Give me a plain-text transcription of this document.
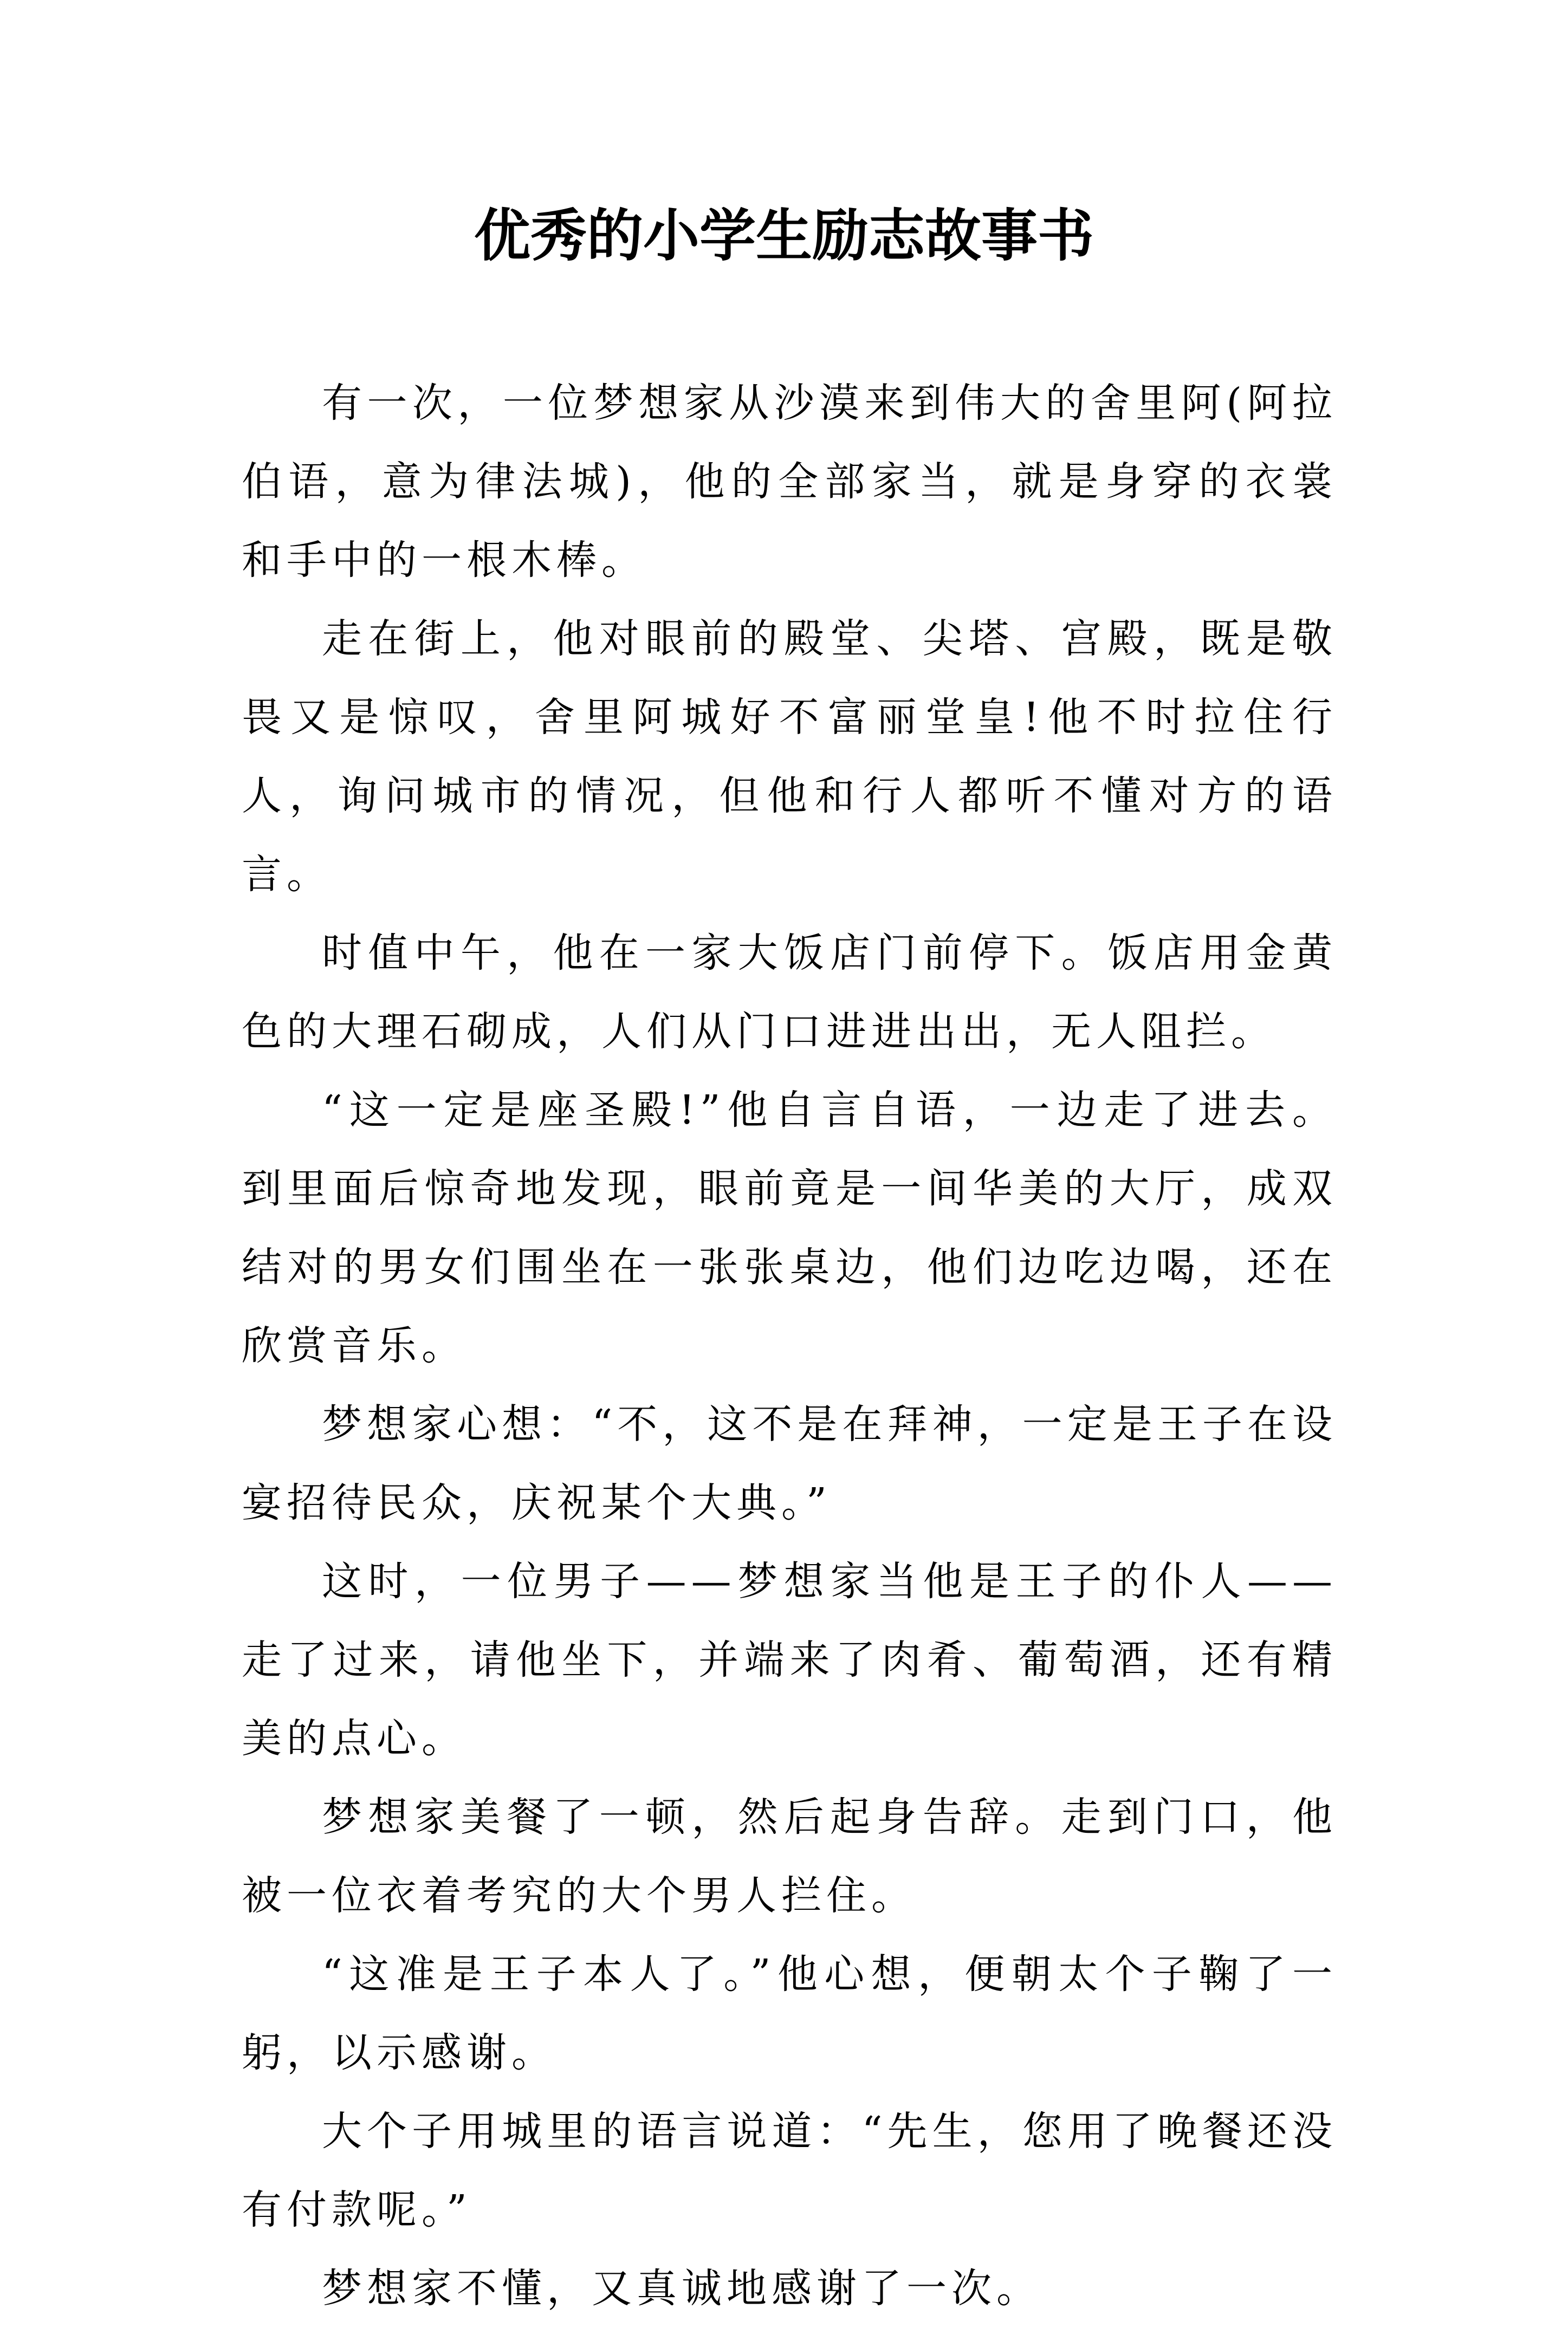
优秀的小学生励志故事书

有一次，一位梦想家从沙漠来到伟大的舍里阿(阿拉伯语，意为律法城)，他的全部家当，就是身穿的衣裳和手中的一根木棒。

走在街上，他对眼前的殿堂、尖塔、宫殿，既是敬畏又是惊叹，舍里阿城好不富丽堂皇!他不时拉住行人，询问城市的情况，但他和行人都听不懂对方的语言。

时值中午，他在一家大饭店门前停下。饭店用金黄色的大理石砌成，人们从门口进进出出，无人阻拦。

“这一定是座圣殿!”他自言自语，一边走了进去。到里面后惊奇地发现，眼前竟是一间华美的大厅，成双结对的男女们围坐在一张张桌边，他们边吃边喝，还在欣赏音乐。

梦想家心想：“不，这不是在拜神，一定是王子在设宴招待民众，庆祝某个大典。”

这时，一位男子——梦想家当他是王子的仆人——走了过来，请他坐下，并端来了肉肴、葡萄酒，还有精美的点心。

梦想家美餐了一顿，然后起身告辞。走到门口，他被一位衣着考究的大个男人拦住。

“这准是王子本人了。”他心想，便朝太个子鞠了一躬，以示感谢。

大个子用城里的语言说道：“先生，您用了晚餐还没有付款呢。”

梦想家不懂，又真诚地感谢了一次。
